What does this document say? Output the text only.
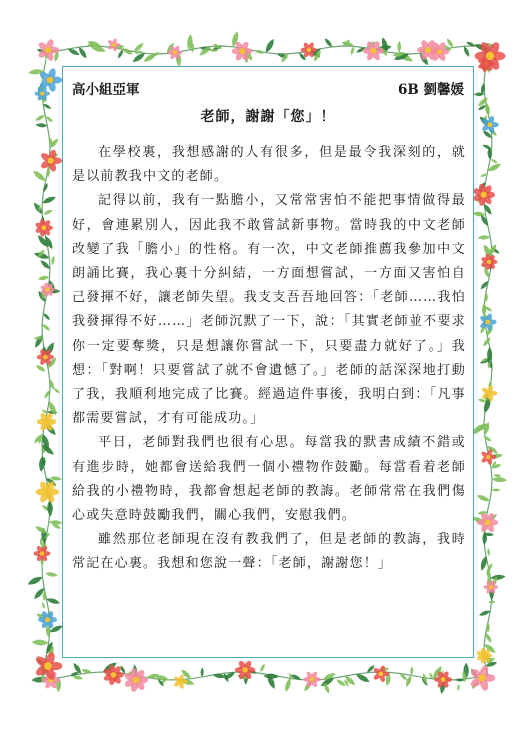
高小組亞軍	6B 劉馨媛
老師，謝謝「您」！

在學校裏，我想感謝的人有很多，但是最令我深刻的，就是以前教我中文的老師。

記得以前，我有一點膽小，又常常害怕不能把事情做得最好，會連累別人，因此我不敢嘗試新事物。當時我的中文老師改變了我「膽小」的性格。有一次，中文老師推薦我參加中文朗誦比賽，我心裏十分糾結，一方面想嘗試，一方面又害怕自己發揮不好，讓老師失望。我支支吾吾地回答：「老師……我怕我發揮得不好……」老師沉默了一下，說：「其實老師並不要求你一定要奪獎，只是想讓你嘗試一下，只要盡力就好了。」我想：「對啊！只要嘗試了就不會遺憾了。」老師的話深深地打動了我，我順利地完成了比賽。經過這件事後，我明白到：「凡事都需要嘗試，才有可能成功。」

平日，老師對我們也很有心思。每當我的默書成績不錯或有進步時，她都會送給我們一個小禮物作鼓勵。每當看着老師給我的小禮物時，我都會想起老師的教誨。老師常常在我們傷心或失意時鼓勵我們，關心我們，安慰我們。

雖然那位老師現在沒有教我們了，但是老師的教誨，我時常記在心裏。我想和您說一聲：「老師，謝謝您！」
